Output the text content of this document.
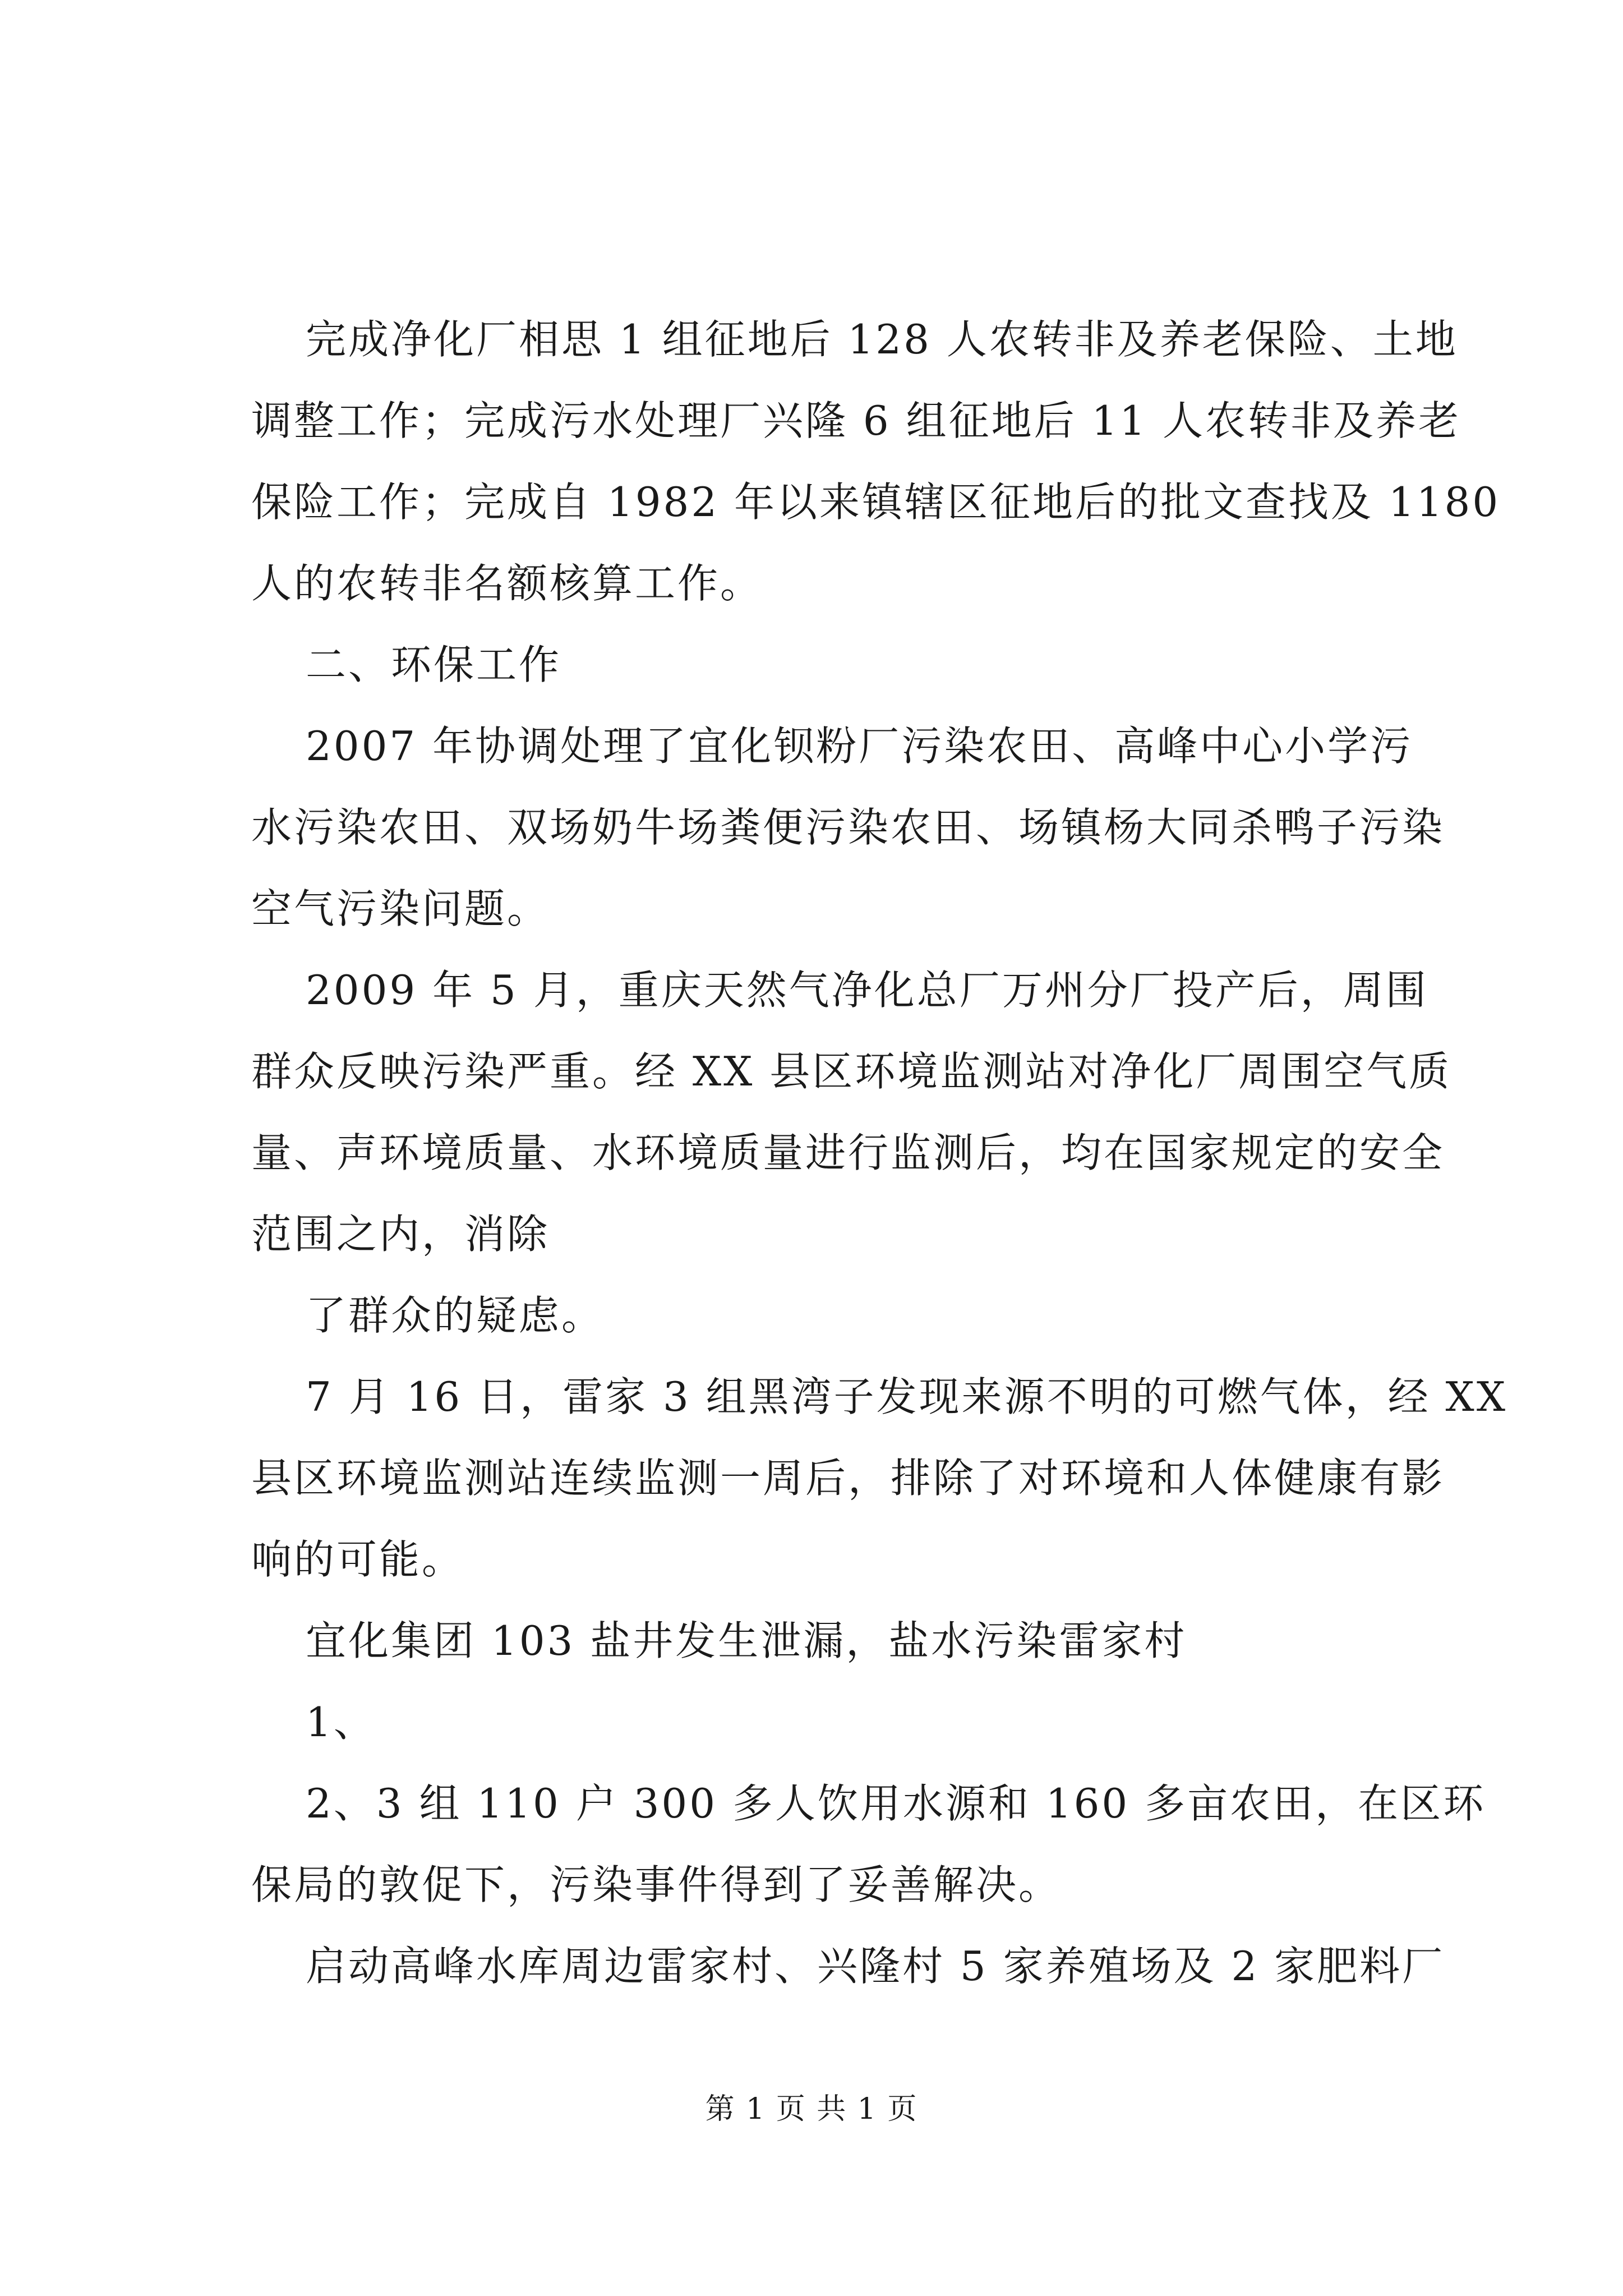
完成净化厂相思 1 组征地后 128 人农转非及养老保险、土地
调整工作；完成污水处理厂兴隆 6 组征地后 11 人农转非及养老
保险工作；完成自 1982 年以来镇辖区征地后的批文查找及 1180
人的农转非名额核算工作。
二、环保工作
2007 年协调处理了宜化钡粉厂污染农田、高峰中心小学污
水污染农田、双场奶牛场粪便污染农田、场镇杨大同杀鸭子污染
空气污染问题。
2009 年 5 月，重庆天然气净化总厂万州分厂投产后，周围
群众反映污染严重。经 XX 县区环境监测站对净化厂周围空气质
量、声环境质量、水环境质量进行监测后，均在国家规定的安全
范围之内，消除
了群众的疑虑。
7 月 16 日，雷家 3 组黑湾子发现来源不明的可燃气体，经 XX
县区环境监测站连续监测一周后，排除了对环境和人体健康有影
响的可能。
宜化集团 103 盐井发生泄漏，盐水污染雷家村
1、
2、3 组 110 户 300 多人饮用水源和 160 多亩农田，在区环
保局的敦促下，污染事件得到了妥善解决。
启动高峰水库周边雷家村、兴隆村 5 家养殖场及 2 家肥料厂
第 1 页 共 1 页
